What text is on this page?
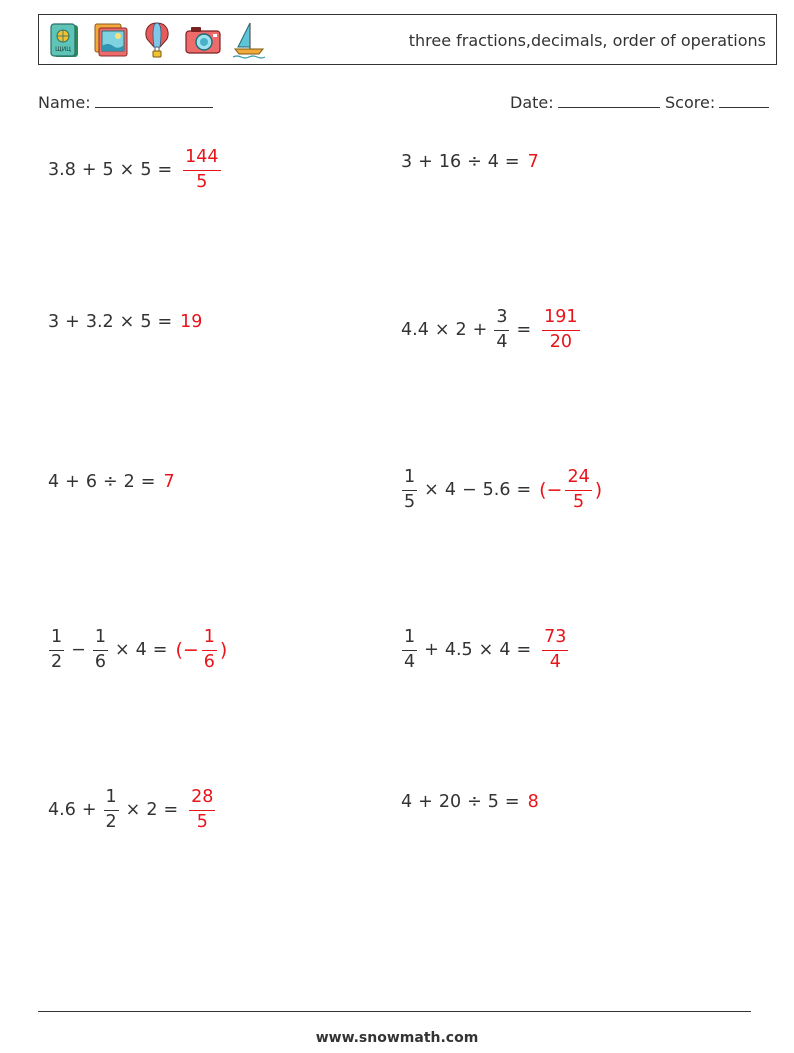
ЩИЦ	three fractions,decimals, order of operations
Name:	Date:	Score:
$3.8 + 5 \times 5 = \frac{144}{5}$	3 + 16 ÷ 4 = 7
3 + 3.2 × 5 = 19	$4.4 \times 2 + \frac{3}{4} = \frac{191}{20}$
4 + 6 ÷ 2 = 7	$\frac{1}{5} \times 4 - 5.6$ = (− $\frac{24}{5}$ )
$\frac{1}{2} - \frac{1}{6} \times 4$ = (− $\frac{1}{6}$ )	$\frac{1}{4} + 4.5 \times 4 = \frac{73}{4}$
$4.6 + \frac{1}{2} \times 2 = \frac{28}{5}$	4 + 20 ÷ 5 = 8
www.snowmath.com
